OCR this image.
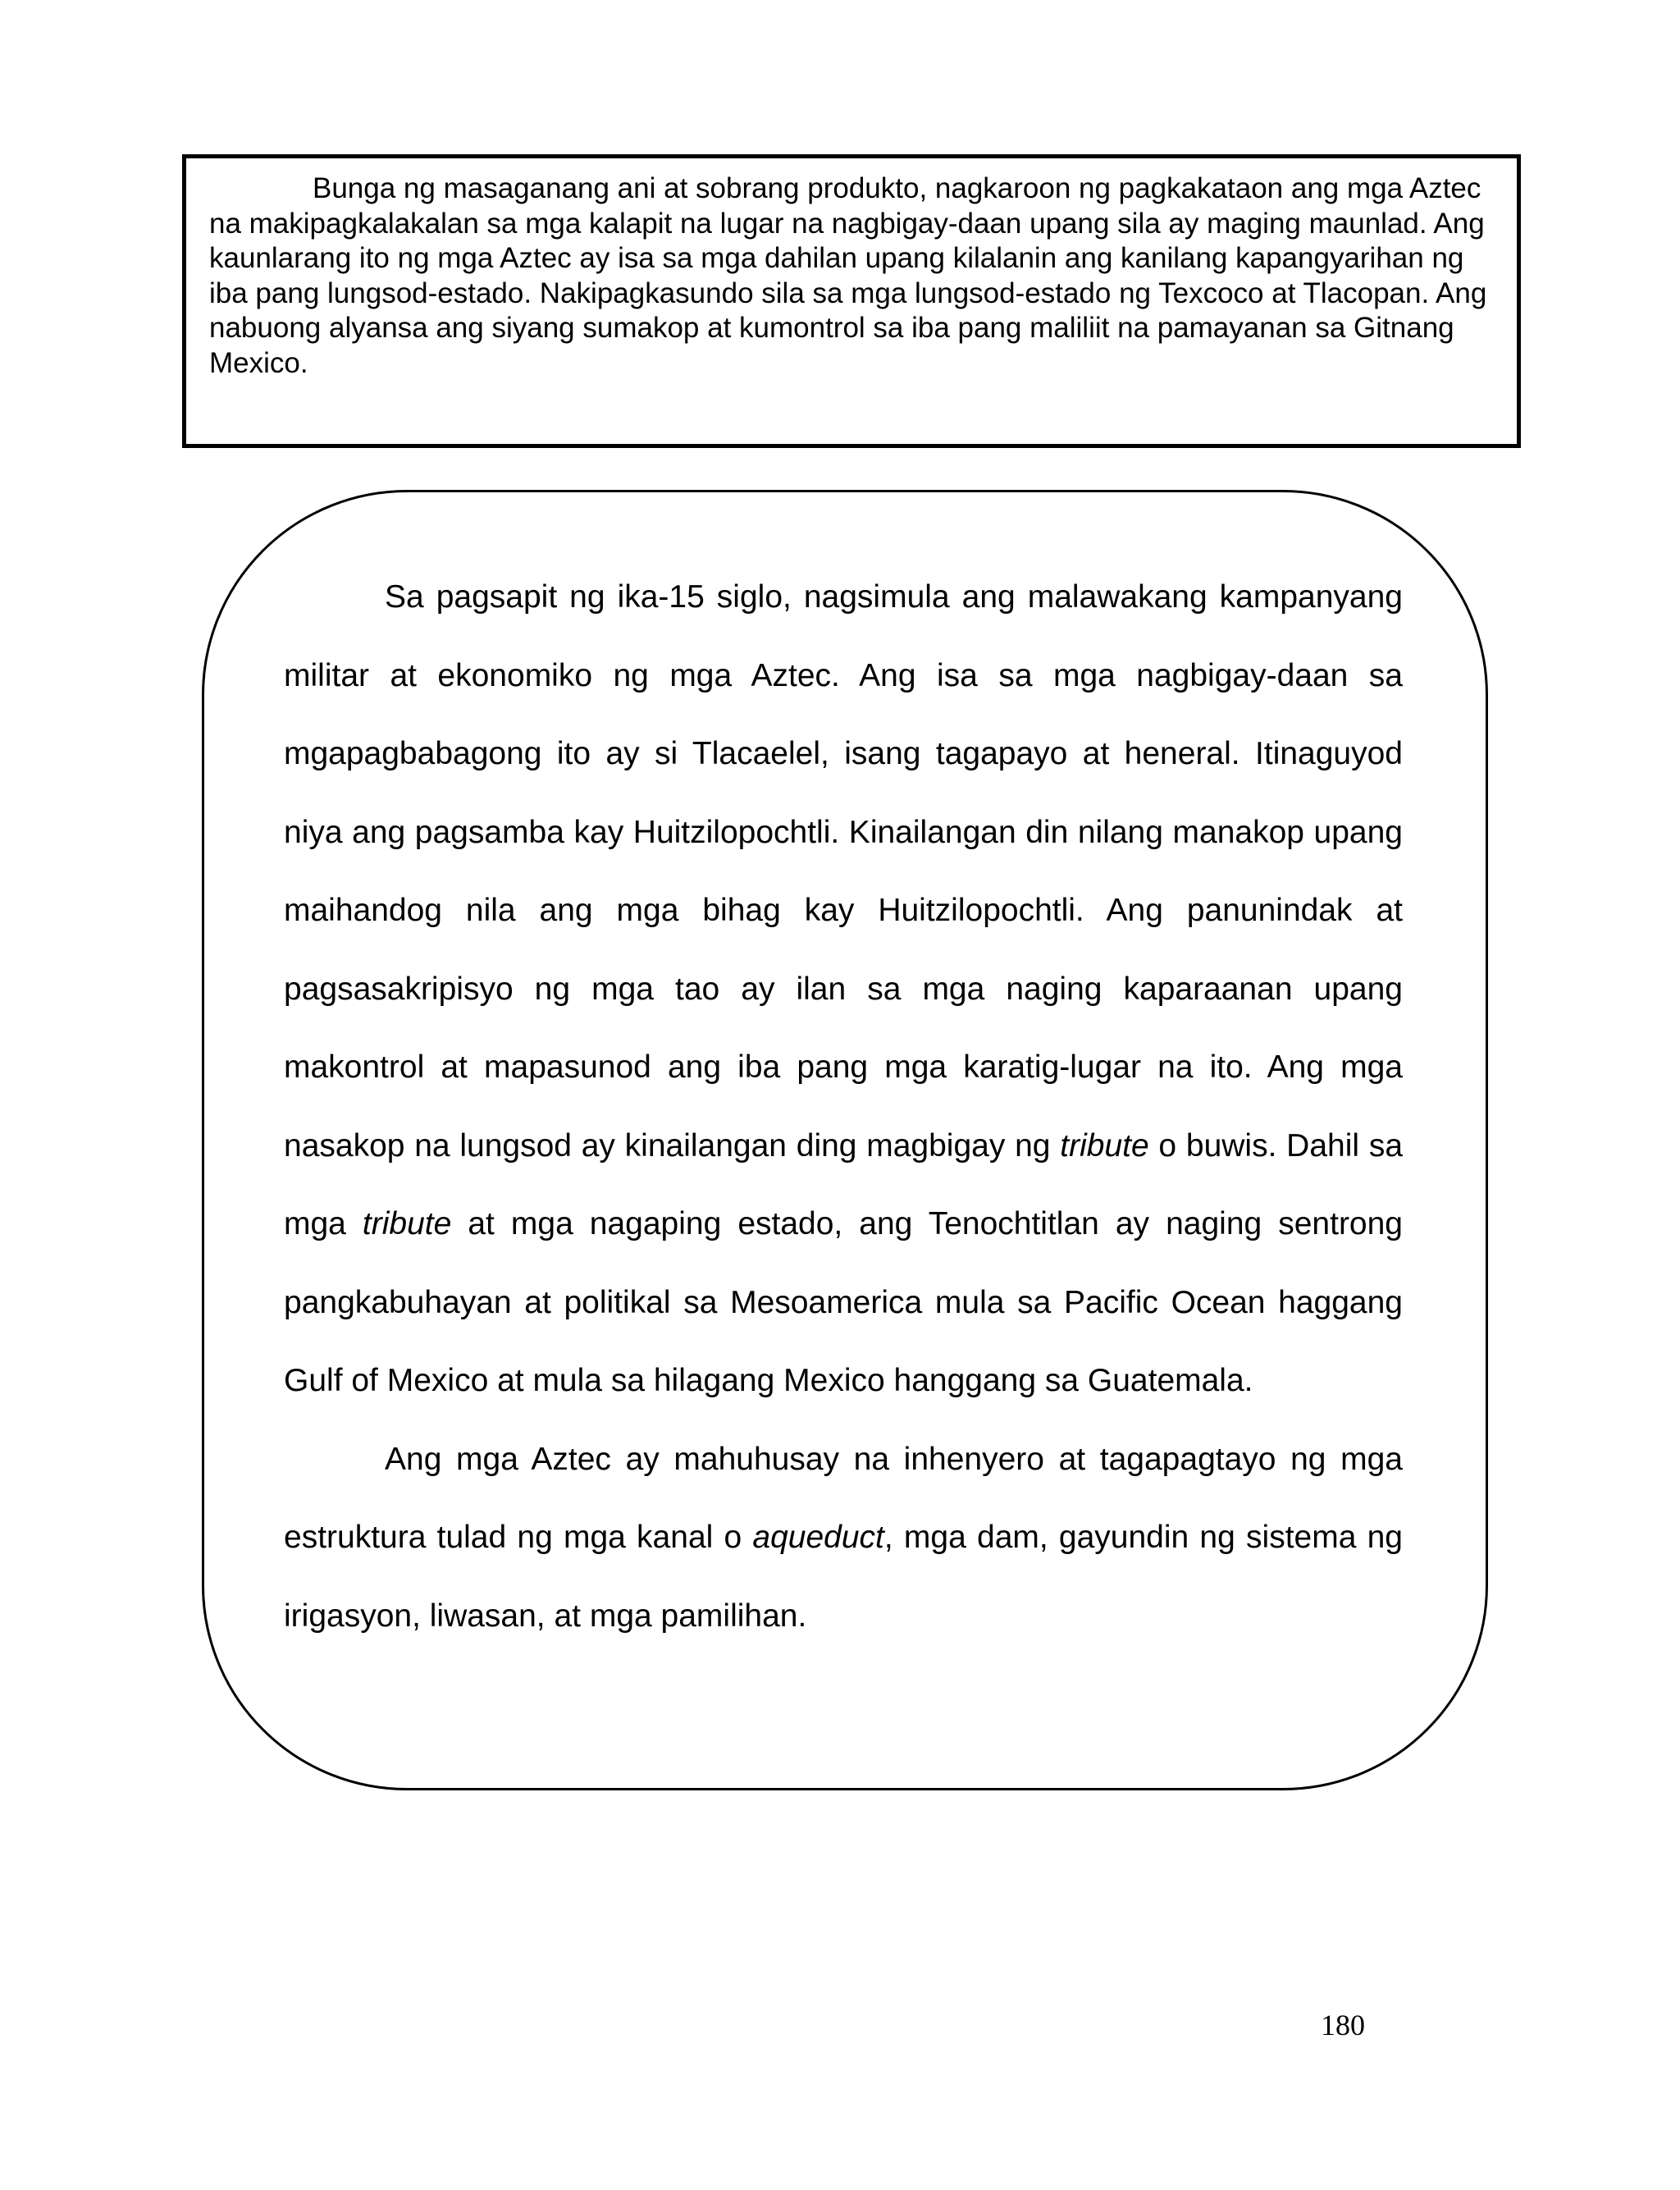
Bunga ng masaganang ani at sobrang produkto, nagkaroon ng pagkakataon ang mga Aztec na makipagkalakalan sa mga kalapit na lugar na nagbigay-daan upang sila ay maging maunlad. Ang kaunlarang ito ng mga Aztec ay isa sa mga dahilan upang kilalanin ang kanilang kapangyarihan ng iba pang lungsod-estado. Nakipagkasundo sila sa mga lungsod-estado ng Texcoco at Tlacopan. Ang nabuong alyansa ang siyang sumakop at kumontrol sa iba pang maliliit na pamayanan sa Gitnang Mexico.

Sa pagsapit ng ika-15 siglo, nagsimula ang malawakang kampanyang militar at ekonomiko ng mga Aztec. Ang isa sa mga nagbigay-daan sa mgapagbabagong ito ay si Tlacaelel, isang tagapayo at heneral. Itinaguyod niya ang pagsamba kay Huitzilopochtli. Kinailangan din nilang manakop upang maihandog nila ang mga bihag kay Huitzilopochtli. Ang panunindak at pagsasakripisyo ng mga tao ay ilan sa mga naging kaparaanan upang makontrol at mapasunod ang iba pang mga karatig-lugar na ito. Ang mga nasakop na lungsod ay kinailangan ding magbigay ng tribute o buwis. Dahil sa mga tribute at mga nagaping estado, ang Tenochtitlan ay naging sentrong pangkabuhayan at politikal sa Mesoamerica mula sa Pacific Ocean haggang Gulf of Mexico at mula sa hilagang Mexico hanggang sa Guatemala.

Ang mga Aztec ay mahuhusay na inhenyero at tagapagtayo ng mga estruktura tulad ng mga kanal o aqueduct, mga dam, gayundin ng sistema ng irigasyon, liwasan, at mga pamilihan.

180
